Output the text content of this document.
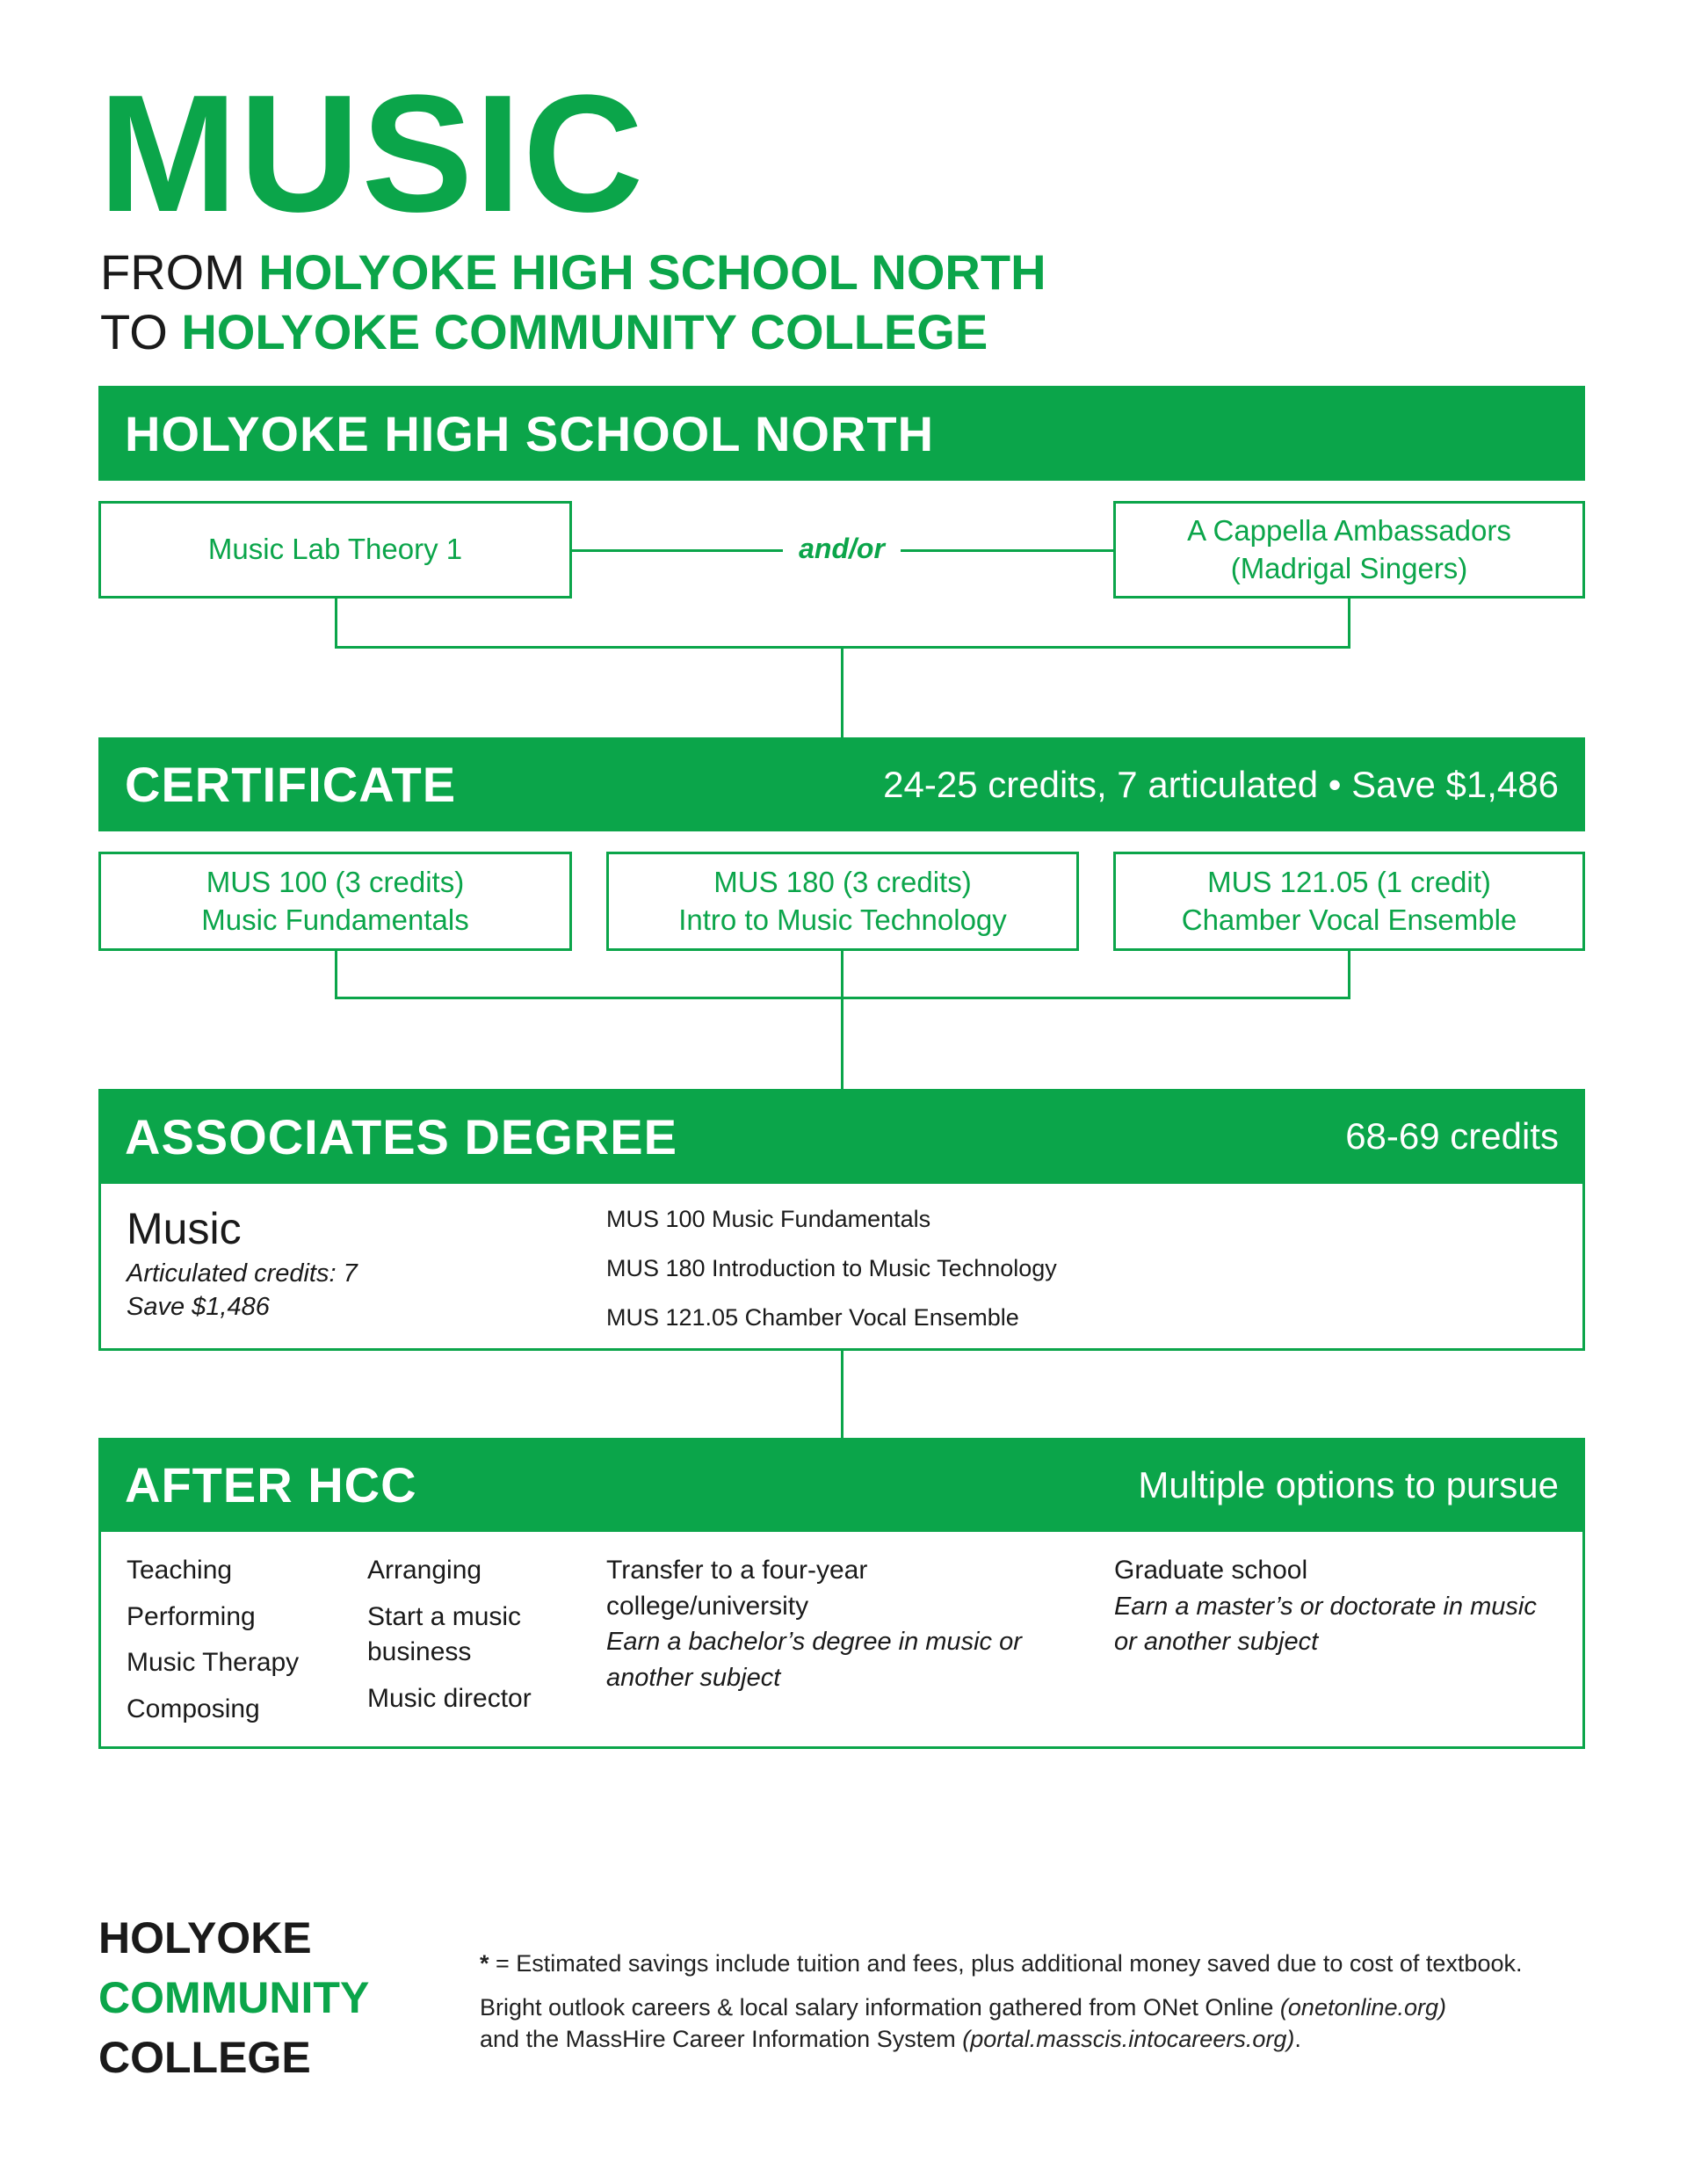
MUSIC
FROM HOLYOKE HIGH SCHOOL NORTH
TO HOLYOKE COMMUNITY COLLEGE
HOLYOKE HIGH SCHOOL NORTH
Music Lab Theory 1	and/or
A Cappella Ambassadors
(Madrigal Singers)
CERTIFICATE	24-25 credits, 7 articulated • Save $1,486
MUS 100 (3 credits)
Music Fundamentals
MUS 180 (3 credits)
Intro to Music Technology
MUS 121.05 (1 credit)
Chamber Vocal Ensemble
ASSOCIATES DEGREE	68-69 credits
Music
Articulated credits: 7
Save $1,486
MUS 100 Music Fundamentals
MUS 180 Introduction to Music Technology
MUS 121.05 Chamber Vocal Ensemble
AFTER HCC	Multiple options to pursue
Teaching
Performing
Music Therapy
Composing
Arranging
Start a music business
Music director
Transfer to a four-year college/university
Earn a bachelor’s degree in music or another subject
Graduate school
Earn a master’s or doctorate in music or another subject
HOLYOKE
COMMUNITY
COLLEGE
* = Estimated savings include tuition and fees, plus additional money saved due to cost of textbook.
Bright outlook careers & local salary information gathered from ONet Online (onetonline.org)
and the MassHire Career Information System (portal.masscis.intocareers.org).
